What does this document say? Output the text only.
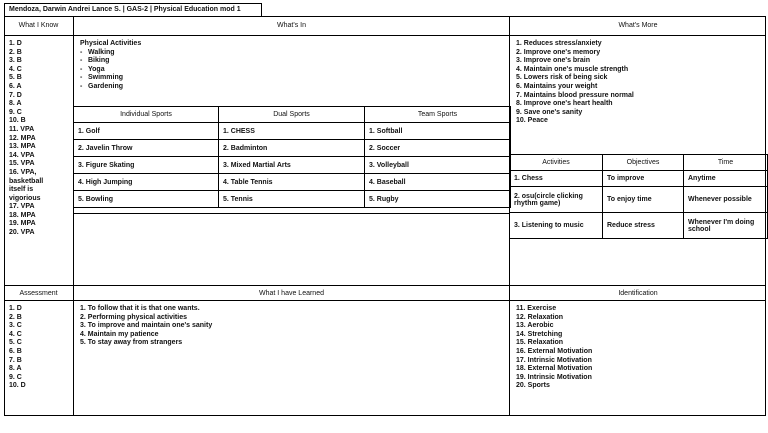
Mendoza, Darwin Andrei Lance S. | GAS-2 | Physical Education mod 1
What I Know	What's In	What's More
1. D
2. B
3. B
4. C
5. B
6. A
7. D
8. A
9. C
10. B
11. VPA
12. MPA
13. MPA
14. VPA
15. VPA
16. VPA,
basketball
itself is
vigorious
17. VPA
18. MPA
19. MPA
20. VPA
Physical Activities
- Walking
- Biking
- Yoga
- Swimming
- Gardening
Individual Sports	Dual Sports	Team Sports
1. Golf	1. CHESS	1. Softball
2. Javelin Throw	2. Badminton	2. Soccer
3. Figure Skating	3. Mixed Martial Arts	3. Volleyball
4. High Jumping	4. Table Tennis	4. Baseball
5. Bowling	5. Tennis	5. Rugby
1. Reduces stress/anxiety
2. Improve one's memory
3. Improve one's brain
4. Maintain one's muscle strength
5. Lowers risk of being sick
6. Maintains your weight
7. Maintains blood pressure normal
8. Improve one's heart health
9. Save one's sanity
10. Peace
Activities	Objectives	Time
1. Chess	To improve	Anytime
2. osu(circle clicking rhythm game)	To enjoy time	Whenever possible
3. Listening to music	Reduce stress	Whenever I'm doing school
Assessment	What I have Learned	Identification
1. D
2. B
3. C
4. C
5. C
6. B
7. B
8. A
9. C
10. D
1. To follow that it is that one wants.
2. Performing physical activities
3. To improve and maintain one's sanity
4. Maintain my patience
5. To stay away from strangers
11. Exercise
12. Relaxation
13. Aerobic
14. Stretching
15. Relaxation
16. External Motivation
17. Intrinsic Motivation
18. External Motivation
19. Intrinsic Motivation
20. Sports
